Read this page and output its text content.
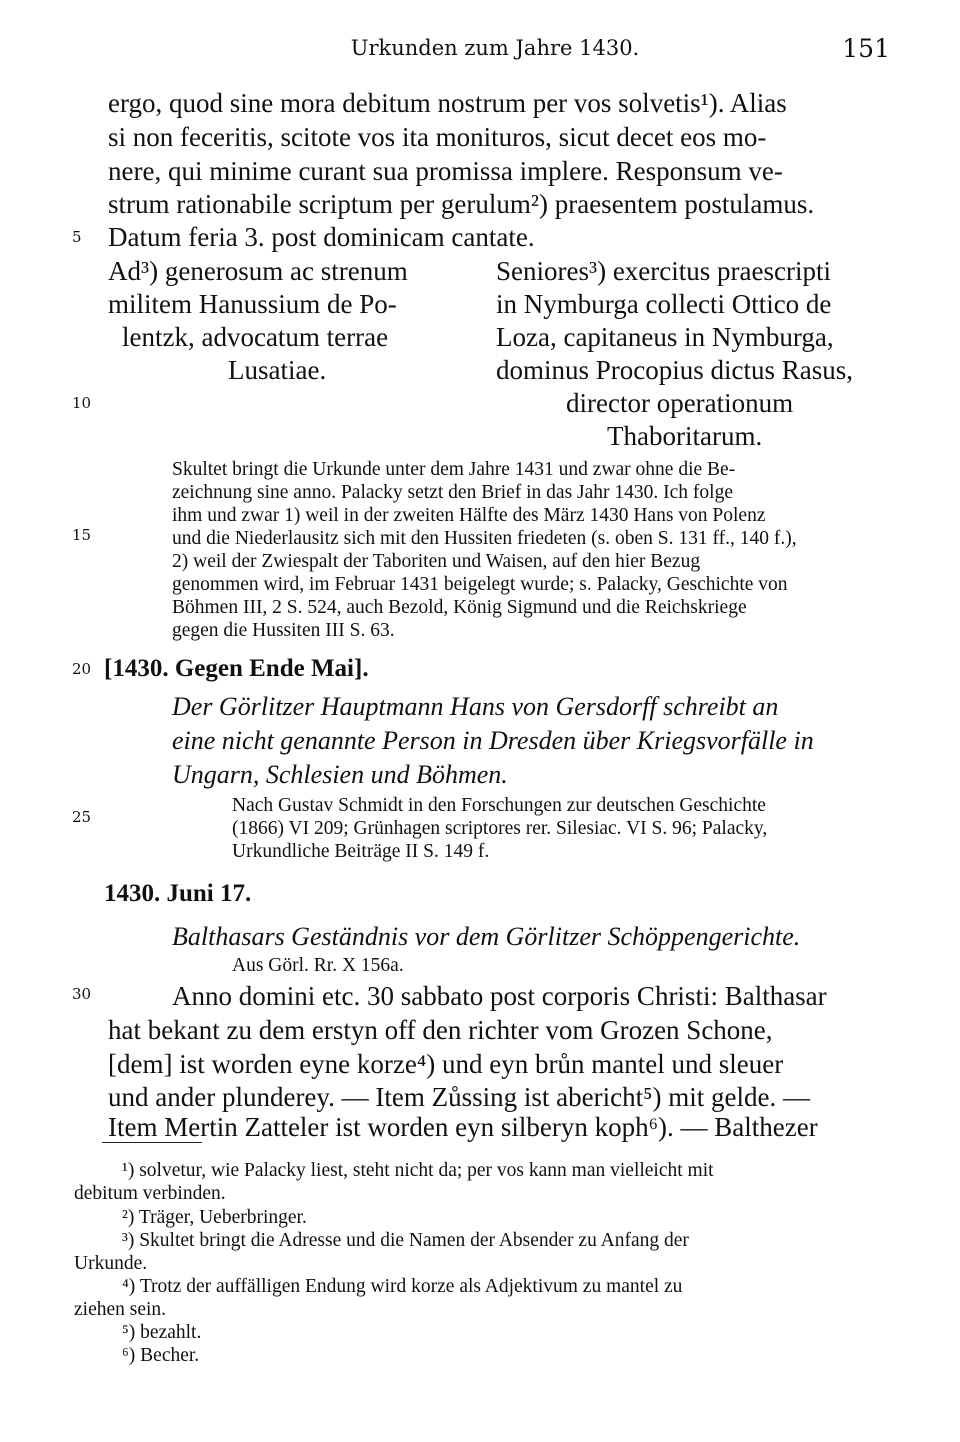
Urkunden zum Jahre 1430.	151
5
10
15
20
25
30
ergo, quod sine mora debitum nostrum per vos solvetis¹). Alias
si non feceritis, scitote vos ita monituros, sicut decet eos mo-
nere, qui minime curant sua promissa implere. Responsum ve-
strum rationabile scriptum per gerulum²) praesentem postulamus.
Datum feria 3. post dominicam cantate.
Ad³) generosum ac strenum
militem Hanussium de Po-
lentzk, advocatum terrae
Lusatiae.
Seniores³) exercitus praescripti
in Nymburga collecti Ottico de
Loza, capitaneus in Nymburga,
dominus Procopius dictus Rasus,
director operationum
Thaboritarum.
Skultet bringt die Urkunde unter dem Jahre 1431 und zwar ohne die Be-
zeichnung sine anno. Palacky setzt den Brief in das Jahr 1430. Ich folge
ihm und zwar 1) weil in der zweiten Hälfte des März 1430 Hans von Polenz
und die Niederlausitz sich mit den Hussiten friedeten (s. oben S. 131 ff., 140 f.),
2) weil der Zwiespalt der Taboriten und Waisen, auf den hier Bezug
genommen wird, im Februar 1431 beigelegt wurde; s. Palacky, Geschichte von
Böhmen III, 2 S. 524, auch Bezold, König Sigmund und die Reichskriege
gegen die Hussiten III S. 63.
[1430. Gegen Ende Mai].
Der Görlitzer Hauptmann Hans von Gersdorff schreibt an
eine nicht genannte Person in Dresden über Kriegsvorfälle in
Ungarn, Schlesien und Böhmen.
Nach Gustav Schmidt in den Forschungen zur deutschen Geschichte
(1866) VI 209; Grünhagen scriptores rer. Silesiac. VI S. 96; Palacky,
Urkundliche Beiträge II S. 149 f.
1430. Juni 17.
Balthasars Geständnis vor dem Görlitzer Schöppengerichte.
Aus Görl. Rr. X 156a.
Anno domini etc. 30 sabbato post corporis Christi: Balthasar
hat bekant zu dem erstyn off den richter vom Grozen Schone,
[dem] ist worden eyne korze⁴) und eyn brůn mantel und sleuer
und ander plunderey. — Item Zůssing ist abericht⁵) mit gelde. —
Item Mertin Zatteler ist worden eyn silberyn koph⁶). — Balthezer
¹) solvetur, wie Palacky liest, steht nicht da; per vos kann man vielleicht mit
debitum verbinden.
²) Träger, Ueberbringer.
³) Skultet bringt die Adresse und die Namen der Absender zu Anfang der
Urkunde.
⁴) Trotz der auffälligen Endung wird korze als Adjektivum zu mantel zu
ziehen sein.
⁵) bezahlt.
⁶) Becher.
